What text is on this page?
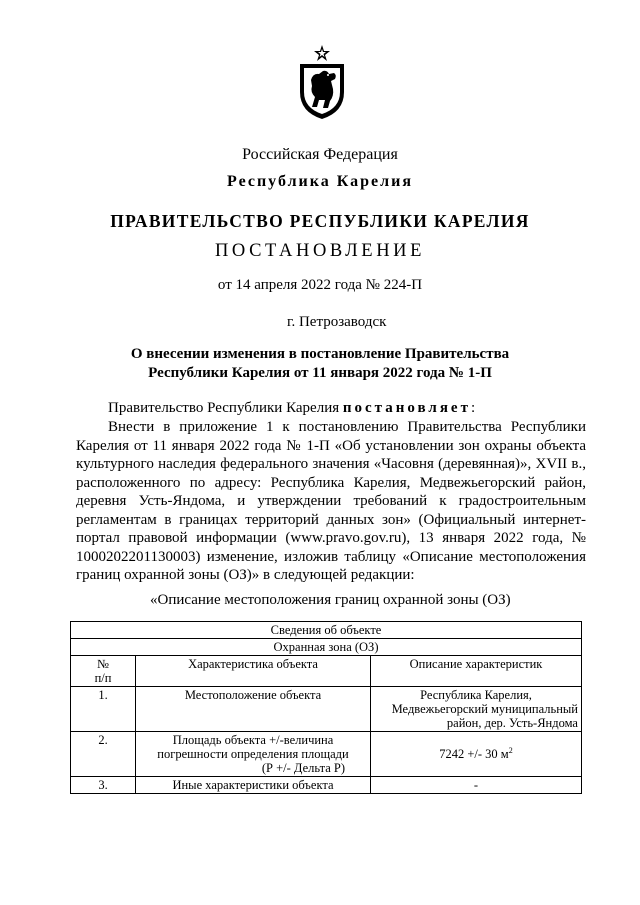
Российская Федерация
Республика Карелия
ПРАВИТЕЛЬСТВО РЕСПУБЛИКИ КАРЕЛИЯ
ПОСТАНОВЛЕНИЕ
от 14 апреля 2022 года № 224-П
г. Петрозаводск
О внесении изменения в постановление Правительства
Республики Карелия от 11 января 2022 года № 1-П
Правительство Республики Карелия постановляет:

Внести в приложение 1 к постановлению Правительства Республики Карелия от 11 января 2022 года № 1-П «Об установлении зон охраны объекта культурного наследия федерального значения «Часовня (деревянная)», XVII в., расположенного по адресу: Республика Карелия, Медвежьегорский район, деревня Усть-Яндома, и утверждении требований к градостроительным регламентам в границах территорий данных зон» (Официальный интернет-портал правовой информации (www.pravo.gov.ru), 13 января 2022 года, № 1000202201130003) изменение, изложив таблицу «Описание местоположения границ охранной зоны (ОЗ)» в следующей редакции:

«Описание местоположения границ охранной зоны (ОЗ)
Сведения об объекте		
Охранная зона (ОЗ)		

№
п/п	Характеристика объекта	Описание характеристик
1.	Местоположение объекта	Республика Карелия,
Медвежьегорский муниципальный
район, дер. Усть-Яндома

2.	Площадь объекта +/-величина
погрешности определения площади
(Р +/- Дельта Р)	7242 +/- 30 $м^2$
3.	Иные характеристики объекта	-
